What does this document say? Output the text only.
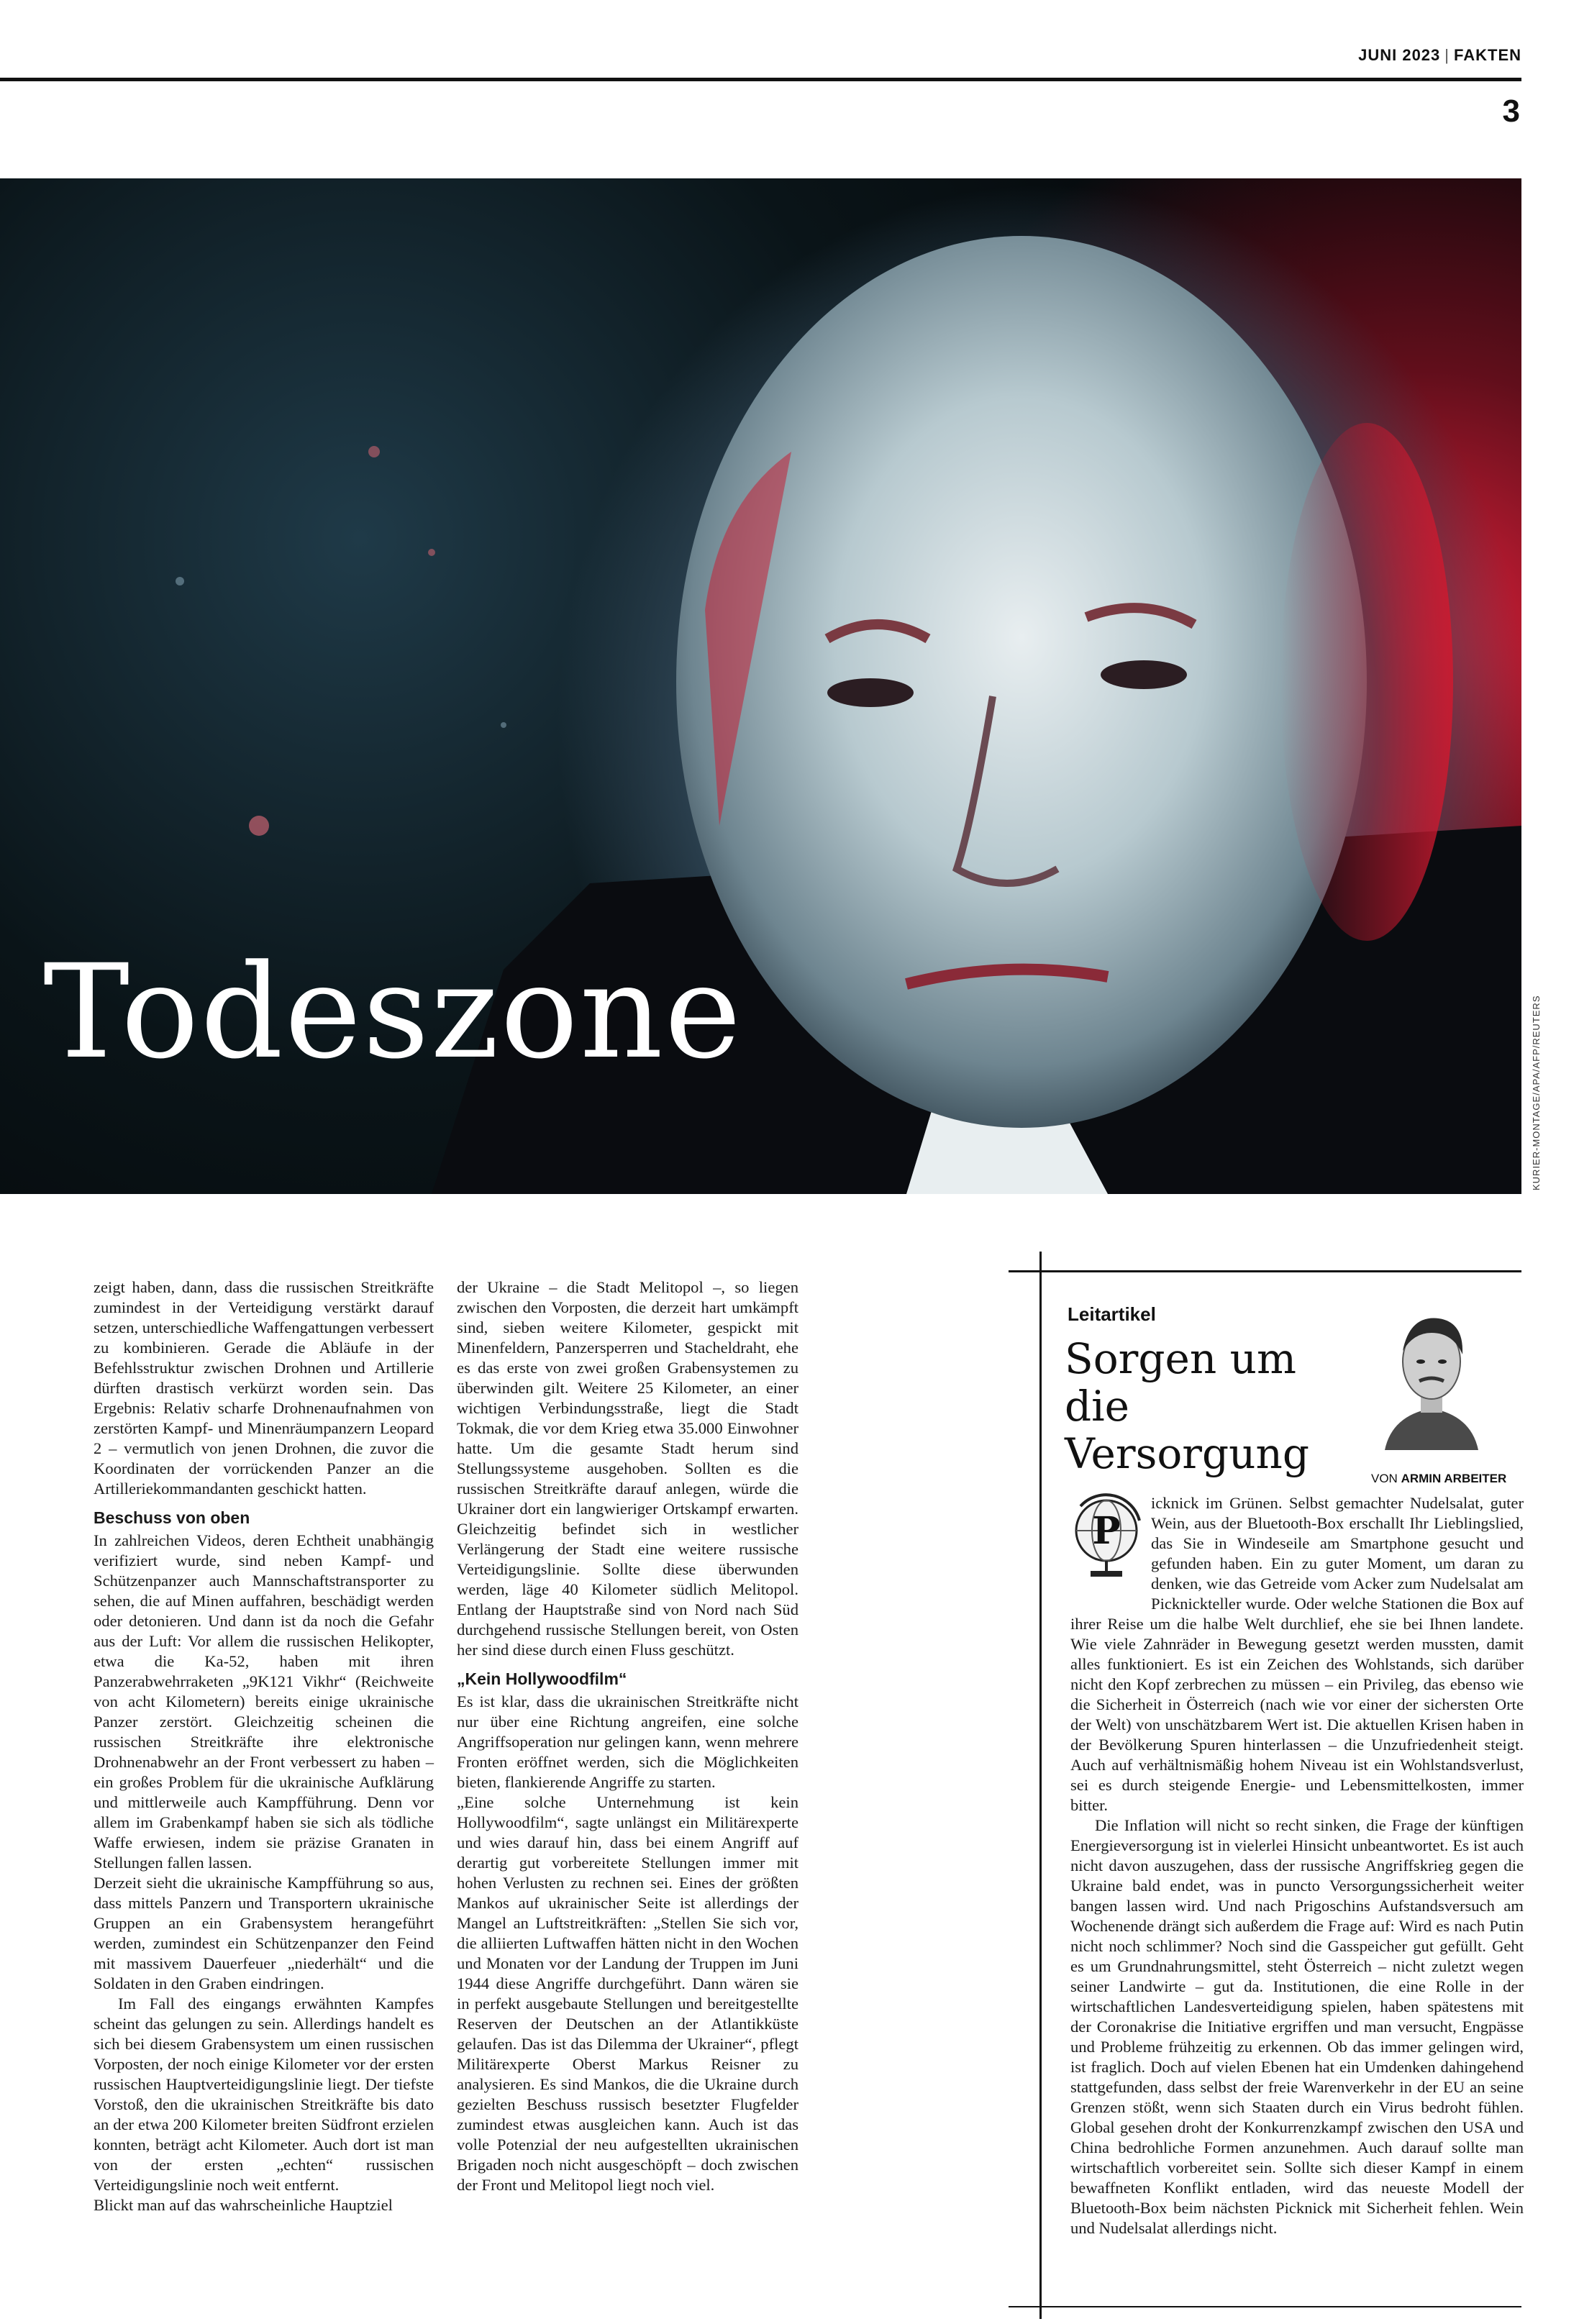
JUNI 2023 | FAKTEN
3
Todeszone	KURIER-MONTAGE/APA/AFP/REUTERS

zeigt haben, dann, dass die russischen Streitkräfte zumindest in der Verteidigung verstärkt darauf setzen, unterschiedliche Waffengattungen verbessert zu kombinieren. Gerade die Abläufe in der Befehlsstruktur zwischen Drohnen und Artillerie dürften drastisch verkürzt worden sein. Das Ergebnis: Relativ scharfe Drohnenaufnahmen von zerstörten Kampf- und Minenräumpanzern Leopard 2 – vermutlich von jenen Drohnen, die zuvor die Koordinaten der vorrückenden Panzer an die Artilleriekommandanten geschickt hatten.

Beschuss von oben

In zahlreichen Videos, deren Echtheit unabhängig verifiziert wurde, sind neben Kampf- und Schützenpanzer auch Mannschaftstransporter zu sehen, die auf Minen auffahren, beschädigt werden oder detonieren. Und dann ist da noch die Gefahr aus der Luft: Vor allem die russischen Helikopter, etwa die Ka-52, haben mit ihren Panzerabwehrraketen „9K121 Vikhr“ (Reichweite von acht Kilometern) bereits einige ukrainische Panzer zerstört. Gleichzeitig scheinen die russischen Streitkräfte ihre elektronische Drohnenabwehr an der Front verbessert zu haben – ein großes Problem für die ukrainische Aufklärung und mittlerweile auch Kampfführung. Denn vor allem im Grabenkampf haben sie sich als tödliche Waffe erwiesen, indem sie präzise Granaten in Stellungen fallen lassen.

Derzeit sieht die ukrainische Kampfführung so aus, dass mittels Panzern und Transportern ukrainische Gruppen an ein Grabensystem herangeführt werden, zumindest ein Schützenpanzer den Feind mit massivem Dauerfeuer „niederhält“ und die Soldaten in den Graben eindringen.

Im Fall des eingangs erwähnten Kampfes scheint das gelungen zu sein. Allerdings handelt es sich bei diesem Grabensystem um einen russischen Vorposten, der noch einige Kilometer vor der ersten russischen Hauptverteidigungslinie liegt. Der tiefste Vorstoß, den die ukrainischen Streitkräfte bis dato an der etwa 200 Kilometer breiten Südfront erzielen konnten, beträgt acht Kilometer. Auch dort ist man von der ersten „echten“ russischen Verteidigungslinie noch weit entfernt.

Blickt man auf das wahrscheinliche Hauptziel

der Ukraine – die Stadt Melitopol –, so liegen zwischen den Vorposten, die derzeit hart umkämpft sind, sieben weitere Kilometer, gespickt mit Minenfeldern, Panzersperren und Stacheldraht, ehe es das erste von zwei großen Grabensystemen zu überwinden gilt. Weitere 25 Kilometer, an einer wichtigen Verbindungsstraße, liegt die Stadt Tokmak, die vor dem Krieg etwa 35.000 Einwohner hatte. Um die gesamte Stadt herum sind Stellungssysteme ausgehoben. Sollten es die russischen Streitkräfte darauf anlegen, würde die Ukrainer dort ein langwieriger Ortskampf erwarten. Gleichzeitig befindet sich in westlicher Verlängerung der Stadt eine weitere russische Verteidigungslinie. Sollte diese überwunden werden, läge 40 Kilometer südlich Melitopol. Entlang der Hauptstraße sind von Nord nach Süd durchgehend russische Stellungen bereit, von Osten her sind diese durch einen Fluss geschützt.

„Kein Hollywoodfilm“

Es ist klar, dass die ukrainischen Streitkräfte nicht nur über eine Richtung angreifen, eine solche Angriffsoperation nur gelingen kann, wenn mehrere Fronten eröffnet werden, sich die Möglichkeiten bieten, flankierende Angriffe zu starten.

„Eine solche Unternehmung ist kein Hollywoodfilm“, sagte unlängst ein Militärexperte und wies darauf hin, dass bei einem Angriff auf derartig gut vorbereitete Stellungen immer mit hohen Verlusten zu rechnen sei. Eines der größten Mankos auf ukrainischer Seite ist allerdings der Mangel an Luftstreitkräften: „Stellen Sie sich vor, die alliierten Luftwaffen hätten nicht in den Wochen und Monaten vor der Landung der Truppen im Juni 1944 diese Angriffe durchgeführt. Dann wären sie in perfekt ausgebaute Stellungen und bereitgestellte Reserven der Deutschen an der Atlantikküste gelaufen. Das ist das Dilemma der Ukrainer“, pflegt Militärexperte Oberst Markus Reisner zu analysieren. Es sind Mankos, die die Ukraine durch gezielten Beschuss russisch besetzter Flugfelder zumindest etwas ausgleichen kann. Auch ist das volle Potenzial der neu aufgestellten ukrainischen Brigaden noch nicht ausgeschöpft – doch zwischen der Front und Melitopol liegt noch viel.

Leitartikel
Sorgen um die Versorgung
VON ARMIN ARBEITER

icknick im Grünen. Selbst gemachter Nudelsalat, guter Wein, aus der Bluetooth-Box erschallt Ihr Lieblingslied, das Sie in Windeseile am Smartphone gesucht und gefunden haben. Ein zu guter Moment, um daran zu denken, wie das Getreide vom Acker zum Nudelsalat am Picknickteller wurde. Oder welche Stationen die Box auf ihrer Reise um die halbe Welt durchlief, ehe sie bei Ihnen landete. Wie viele Zahnräder in Bewegung gesetzt werden mussten, damit alles funktioniert. Es ist ein Zeichen des Wohlstands, sich darüber nicht den Kopf zerbrechen zu müssen – ein Privileg, das ebenso wie die Sicherheit in Österreich (nach wie vor einer der sichersten Orte der Welt) von unschätzbarem Wert ist. Die aktuellen Krisen haben in der Bevölkerung Spuren hinterlassen – die Unzufriedenheit steigt. Auch auf verhältnismäßig hohem Niveau ist ein Wohlstandsverlust, sei es durch steigende Energie- und Lebensmittelkosten, immer bitter.

Die Inflation will nicht so recht sinken, die Frage der künftigen Energieversorgung ist in vielerlei Hinsicht unbeantwortet. Es ist auch nicht davon auszugehen, dass der russische Angriffskrieg gegen die Ukraine bald endet, was in puncto Versorgungssicherheit weiter bangen lassen wird. Und nach Prigoschins Aufstandsversuch am Wochenende drängt sich außerdem die Frage auf: Wird es nach Putin nicht noch schlimmer? Noch sind die Gasspeicher gut gefüllt. Geht es um Grundnahrungsmittel, steht Österreich – nicht zuletzt wegen seiner Landwirte – gut da. Institutionen, die eine Rolle in der wirtschaftlichen Landesverteidigung spielen, haben spätestens mit der Coronakrise die Initiative ergriffen und man versucht, Engpässe und Probleme frühzeitig zu erkennen. Ob das immer gelingen wird, ist fraglich. Doch auf vielen Ebenen hat ein Umdenken dahingehend stattgefunden, dass selbst der freie Warenverkehr in der EU an seine Grenzen stößt, wenn sich Staaten durch ein Virus bedroht fühlen. Global gesehen droht der Konkurrenzkampf zwischen den USA und China bedrohliche Formen anzunehmen. Auch darauf sollte man wirtschaftlich vorbereitet sein. Sollte sich dieser Kampf in einem bewaffneten Konflikt entladen, wird das neueste Modell der Bluetooth-Box beim nächsten Picknick mit Sicherheit fehlen. Wein und Nudelsalat allerdings nicht.

P
